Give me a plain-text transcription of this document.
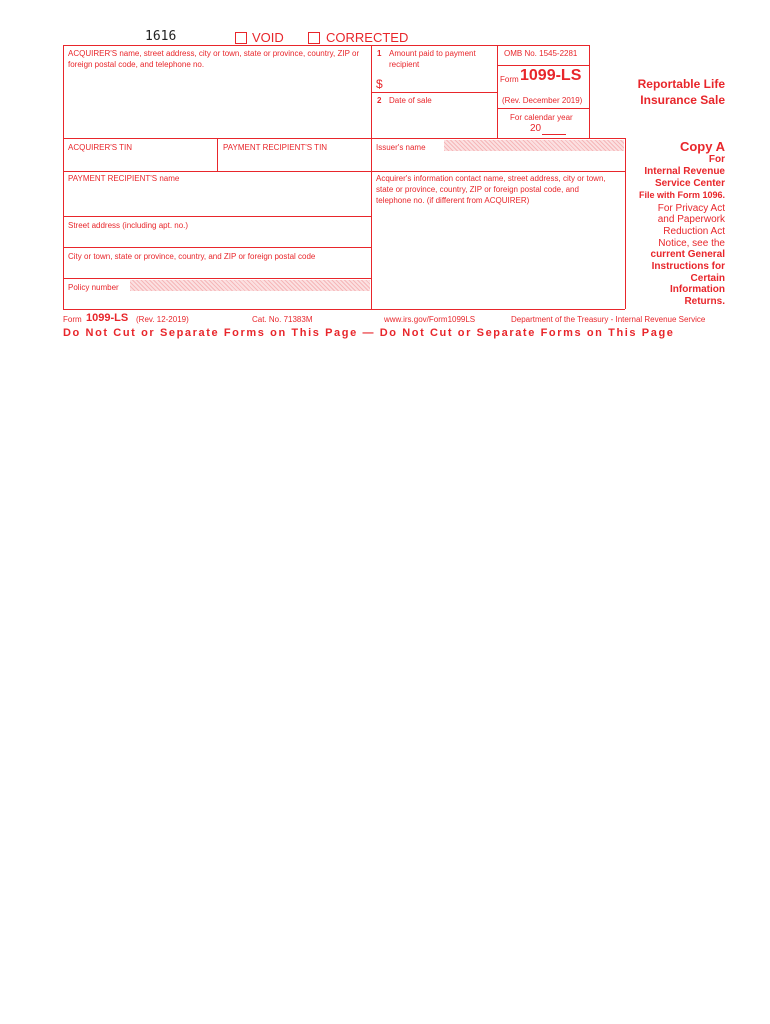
1616	VOID	CORRECTED
ACQUIRER'S name, street address, city or town, state or province, country, ZIP or foreign postal code, and telephone no.
1 Amount paid to payment recipient
$
2 Date of sale
OMB No. 1545-2281
Form 1099-LS
(Rev. December 2019)
For calendar year
20
ACQUIRER'S TIN	PAYMENT RECIPIENT'S TIN	Issuer's name
PAYMENT RECIPIENT'S name	Acquirer's information contact name, street address, city or town, state or province, country, ZIP or foreign postal code, and telephone no. (if different from ACQUIRER)
Street address (including apt. no.)
City or town, state or province, country, and ZIP or foreign postal code
Policy number
Reportable Life
Insurance Sale
Copy A
For
Internal Revenue
Service Center
File with Form 1096.
For Privacy Act
and Paperwork
Reduction Act
Notice, see the
current General
Instructions for
Certain
Information
Returns.
Form 1099-LS (Rev. 12-2019)	Cat. No. 71383M	www.irs.gov/Form1099LS	Department of the Treasury - Internal Revenue Service
Do Not Cut or Separate Forms on This Page — Do Not Cut or Separate Forms on This Page
